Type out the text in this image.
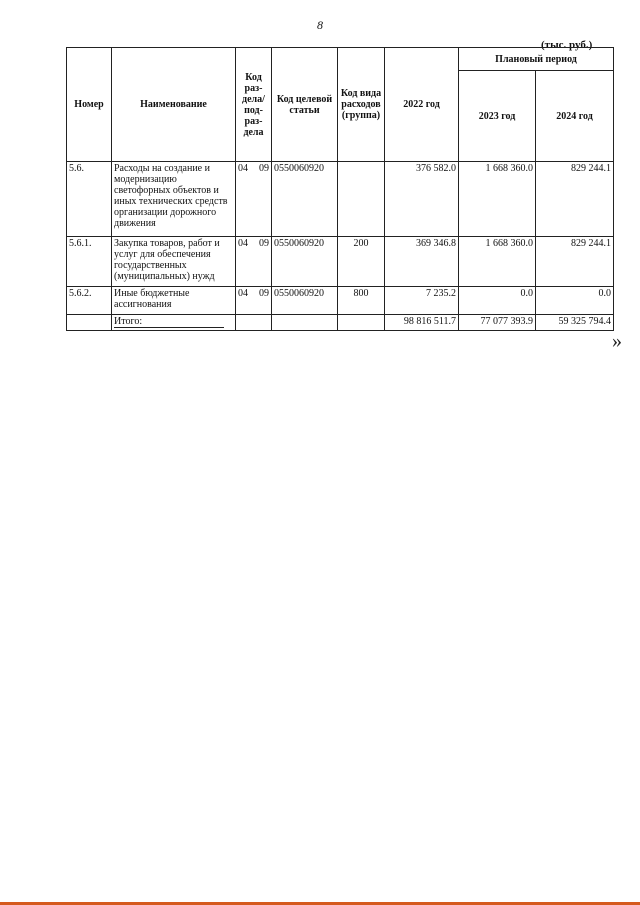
8
(тыс. руб.)
Номер	Наименование	Код раз-дела/ под-раз-дела	Код целевой статьи	Код вида расходов (группа)	2022 год	Плановый период	
						2023 год	2024 год
5.6.	Расходы на создание и модернизацию светофорных объектов и иных технических средств организации дорожного движения	04 09	0550060920		376 582.0	1 668 360.0	829 244.1
5.6.1.	Закупка товаров, работ и услуг для обеспечения государственных (муниципальных) нужд	04 09	0550060920	200	369 346.8	1 668 360.0	829 244.1
5.6.2.	Иные бюджетные ассигнования	04 09	0550060920	800	7 235.2	0.0	0.0
	Итого:				98 816 511.7	77 077 393.9	59 325 794.4
»
